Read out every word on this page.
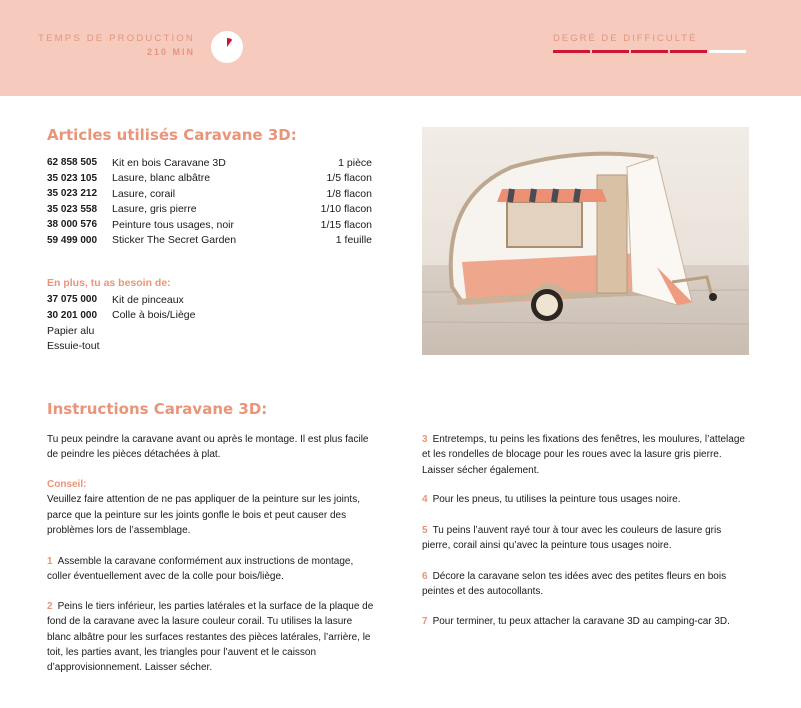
TEMPS DE PRODUCTION
210 MIN
DEGRÉ DE DIFFICULTÉ
Articles utilisés Caravane 3D:
62 858 505	Kit en bois Caravane 3D	1 pièce
35 023 105	Lasure, blanc albâtre	1/5 flacon
35 023 212	Lasure, corail	1/8 flacon
35 023 558	Lasure, gris pierre	1/10 flacon
38 000 576	Peinture tous usages, noir	1/15 flacon
59 499 000	Sticker The Secret Garden	1 feuille
En plus, tu as besoin de:
37 075 000	Kit de pinceaux
30 201 000	Colle à bois/Liège
Papier alu
Essuie-tout
Instructions Caravane 3D:
Tu peux peindre la caravane avant ou après le montage. Il est plus facile de peindre les pièces détachées à plat.
Conseil:
Veuillez faire attention de ne pas appliquer de la peinture sur les joints, parce que la peinture sur les joints gonfle le bois et peut causer des problèmes lors de l’assemblage.
1 Assemble la caravane conformément aux instructions de montage, coller éventuellement avec de la colle pour bois/liège.
2 Peins le tiers inférieur, les parties latérales et la surface de la plaque de fond de la caravane avec la lasure couleur corail. Tu utilises la lasure blanc albâtre pour les surfaces restantes des pièces latérales, l’arrière, le toit, les parties avant, les triangles pour l’auvent et le caisson d’approvisionnement. Laisser sécher.
3 Entretemps, tu peins les fixations des fenêtres, les moulures, l’attelage et les rondelles de blocage pour les roues avec la lasure gris pierre. Laisser sécher également.
4 Pour les pneus, tu utilises la peinture tous usages noire.
5 Tu peins l’auvent rayé tour à tour avec les couleurs de lasure gris pierre, corail ainsi qu’avec la peinture tous usages noire.
6 Décore la caravane selon tes idées avec des petites fleurs en bois peintes et des autocollants.
7 Pour terminer, tu peux attacher la caravane 3D au camping-car 3D.
